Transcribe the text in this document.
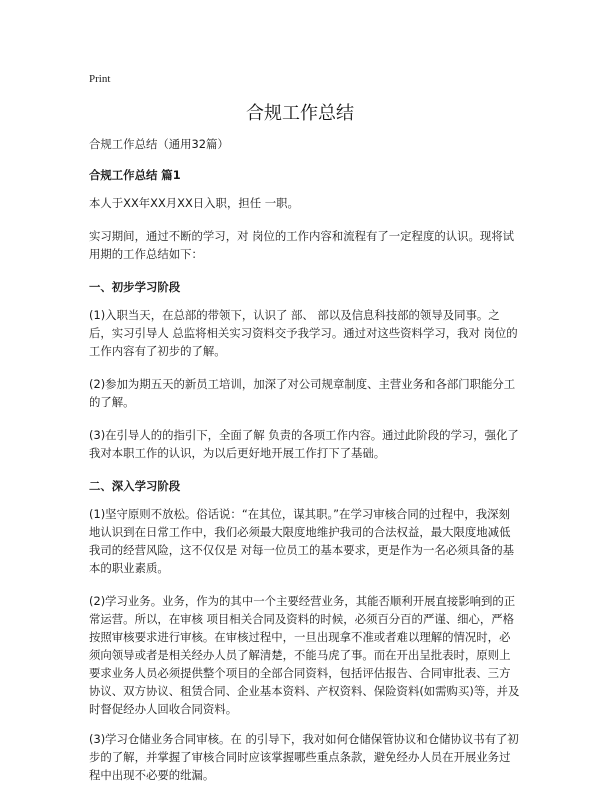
Print
合规工作总结

合规工作总结（通用32篇）

合规工作总结 篇1

本人于XX年XX月XX日入职，担任 一职。

实习期间，通过不断的学习，对 岗位的工作内容和流程有了一定程度的认识。现将试用期的工作总结如下：

一、初步学习阶段

(1)入职当天，在总部的带领下，认识了 部、 部以及信息科技部的领导及同事。之后，实习引导人 总监将相关实习资料交予我学习。通过对这些资料学习，我对 岗位的工作内容有了初步的了解。

(2)参加为期五天的新员工培训，加深了对公司规章制度、主营业务和各部门职能分工的了解。

(3)在引导人的的指引下，全面了解 负责的各项工作内容。通过此阶段的学习，强化了我对本职工作的认识，为以后更好地开展工作打下了基础。

二、深入学习阶段

(1)坚守原则不放松。俗话说：“在其位，谋其职。”在学习审核合同的过程中，我深刻地认识到在日常工作中，我们必须最大限度地维护我司的合法权益，最大限度地减低我司的经营风险，这不仅仅是 对每一位员工的基本要求，更是作为一名必须具备的基本的职业素质。

(2)学习业务。业务，作为的其中一个主要经营业务，其能否顺利开展直接影响到的正常运营。所以，在审核 项目相关合同及资料的时候，必须百分百的严谨、细心，严格按照审核要求进行审核。在审核过程中，一旦出现拿不准或者难以理解的情况时，必须向领导或者是相关经办人员了解清楚，不能马虎了事。而在开出呈批表时，原则上要求业务人员必须提供整个项目的全部合同资料，包括评估报告、合同审批表、三方协议、双方协议、租赁合同、企业基本资料、产权资料、保险资料(如需购买)等，并及时督促经办人回收合同资料。

(3)学习仓储业务合同审核。在 的引导下，我对如何仓储保管协议和仓储协议书有了初步的了解，并掌握了审核合同时应该掌握哪些重点条款，避免经办人员在开展业务过程中出现不必要的纰漏。
